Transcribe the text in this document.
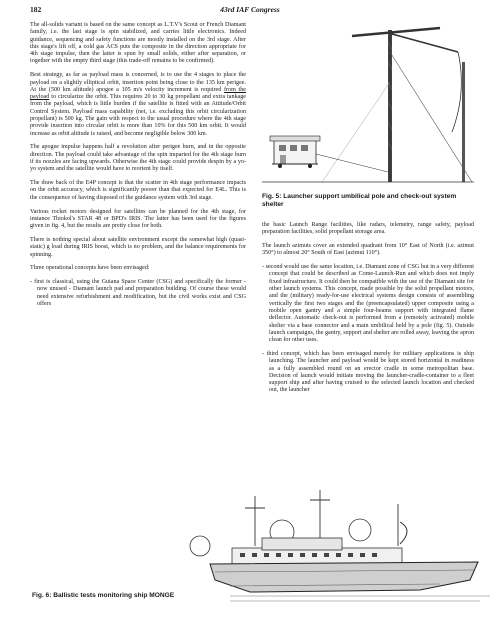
182	43rd IAF Congress

The all-solids variant is based on the same concept as L.T.V's Scout or French Diamant family, i.e. the last stage is spin stabilized, and carries little electronics. Indeed guidance, sequencing and safety functions are mostly installed on the 3rd stage. After this stage's lift off, a cold gas ACS puts the composite in the direction appropriate for 4th stage impulse, then the latter is spun by small solids, either after separation, or together with the empty third stage (this trade-off remains to be confirmed).

Best strategy, as far as payload mass is concerned, is to use the 4 stages to place the payload on a slightly elliptical orbit, insertion point being close to the 135 km perigee. At the (500 km altitude) apogee a 105 m/s velocity increment is required from the payload to circularize the orbit. This requires 20 to 30 kg propellant and extra tankage from the payload, which is little burden if the satellite is fitted with an Attitude/Orbit Control System. Payload mass capability (net, i.e. excluding this orbit circularization propellant) is 500 kg. The gain with respect to the usual procedure where the 4th stage provide insertion into circular orbit is more than 10% for this 500 km orbit. It would increase as orbit altitude is raised, and become negligible below 300 km.

The apogee impulse happens half a revolution after perigee burn, and in the opposite direction. The payload could take advantage of the spin imparted for the 4th stage burn if its nozzles are facing upwards. Otherwise the 4th stage could provide despin by a yo-yo system and the satellite would have to reorient by itself.

The draw back of the E4P concept is that the scatter in 4th stage performance impacts on the orbit accuracy, which is significantly poorer than that expected for E4L. This is the consequence of having disposed of the guidance system with 3rd stage.

Various rocket motors designed for satellites can be planned for the 4th stage, for instance Thiokol's STAR 48 or BPD's IRIS. The latter has been used for the figures given in fig. 4, but the results are pretty close for both.

There is nothing special about satellite environment except the somewhat high (quasi-static) g load during IRIS boost, which is no problem, and the balance requirements for spinning.

Three operational concepts have been envisaged:

- first is classical, using the Guiana Space Center (CSG) and specifically the former - now unused - Diamant launch pad and preparation building. Of course these would need extensive refurbishment and modification, but the civil works exist and CSG offers

Fig. 5: Launcher support umbilical pole and check-out system shelter

the basic Launch Range facilities, like radars, telemetry, range safety, payload preparation facilities, solid propellant storage area.

The launch azimuts cover an extended quadrant from 10° East of North (i.e. azimut 350°) to almost 20° South of East (azimut 110°).

- second would use the same location, i.e. Diamant zone of CSG but in a very different concept that could be described as Come-Launch-Run and which does not imply fixed infrastructure. It could then be compatible with the use of the Diamant site for other launch systems. This concept, made possible by the solid propellant motors, and the (military) ready-for-use electrical systems design consists of assembling vertically the first two stages and the (preencapsulated) upper composite using a mobile open gantry and a simple four-beams support with integrated flame deflector. Automatic check-out is performed from a (remotely activated) mobile shelter via a base connector and a main umbilical held by a pole (fig. 5). Outside launch campaigns, the gantry, support and shelter are rolled away, leaving the apron clean for other uses.

- third concept, which has been envisaged merely for military applications is ship launching. The launcher and payload would be kept stored horizontal in readiness as a fully assembled round on an erector cradle in some metropolitan base. Decision of launch would initiate moving the launcher-cradle-container to a fleet support ship and after having cruised to the selected launch location and checked out, the launcher

Fig. 6: Ballistic tests monitoring ship MONGE
